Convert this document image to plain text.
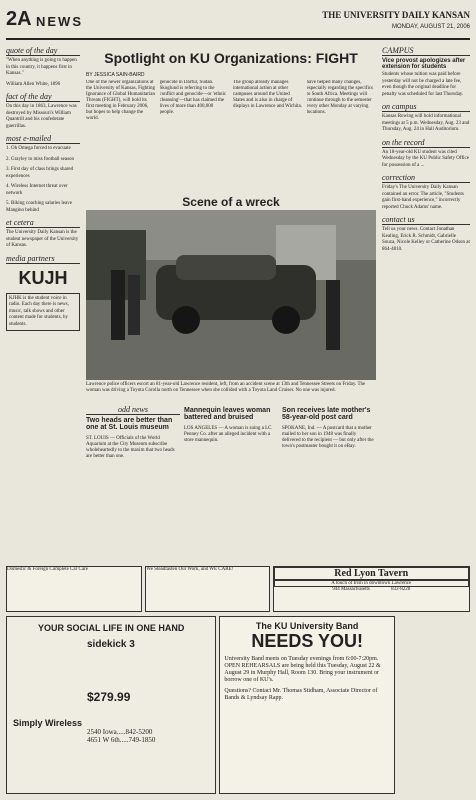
2A NEWS	THE UNIVERSITY DAILY KANSAN
MONDAY, AUGUST 21, 2006
quote of the day

"When anything is going to happen in this country, it happens first in Kansas."

William Allen White, 1896

fact of the day

On this day in 1863, Lawrence was destroyed by Missouri's William Quantrill and his confederate guerrillas.

most e-mailed

1. Oh Omega forced to evacuate

2. Grayley to miss football season

3. First day of class brings shared experiences

4. Wireless Internet threat over network

5. Biking coaching salaries leave Mangino behind

et cetera

The University Daily Kansan is the student newspaper of the University of Kansas.

media partners
KUJH
KJHK is the student voice in radio. Each day there is news, music, talk shows and other content made for students, by students.
Spotlight on KU Organizations: FIGHT
BY JESSICA SAIN-BAIRD
One of the newer organizations at the University of Kansas, Fighting Ignorance of Global Humanitarian Threats (FIGHT), will hold its first meeting in February 2006, but hopes to help change the world.
genocide in Darfur, Sudan. Skoglund is referring to the conflict and genocide—or 'ethnic cleansing'—that has claimed the lives of more than 400,000 people.
The group already manages international action at other campuses around the United States and is also in charge of displays in Lawrence and Wichita.
have helped many changes, especially regarding the specifics to South Africa. Meetings will continue through to the semester every other Monday at varying locations.
Scene of a wreck
Lawrence police officers escort an 81-year-old Lawrence resident, left, from an accident scene at 13th and Tennessee Streets on Friday. The woman was driving a Toyota Corolla north on Tennessee when she collided with a Toyota Land Cruiser. No one was injured.
odd news
Two heads are better than one at St. Louis museum

ST. LOUIS — Officials of the World Aquarium at the City Museum subscribe wholeheartedly to the maxim that two heads are better than one.

Mannequin leaves woman battered and bruised

LOS ANGELES — A woman is suing a LC Penney Co. after an alleged incident with a store mannequin.

Son receives late mother's 58-year-old post card

SPOKANE, Ind. — A postcard that a mother mailed to her son in 1948 was finally delivered to the recipient — but only after the town's postmaster bought it on eBay.

CAMPUS
Vice provost apologizes after extension for students

Students whose tuition was paid before yesterday will not be charged a late fee, even though the original deadline for penalty was scheduled for last Thursday.

on campus

Kansas Rowing will hold informational meetings at 5 p.m. Wednesday, Aug. 23 and Thursday, Aug. 24 in Hall Auditorium.

on the record

An 18-year-old KU student was cited Wednesday by the KU Public Safety Office for possession of a ...

correction

Friday's The University Daily Kansan contained an error. The article, "Students gain first-hand experience," incorrectly reported Chuck Adams' name.

contact us

Tell us your news. Contact Jonathan Kealing, Erick R. Schmidt, Gabrielle Souza, Nicole Kelley or Catherine Odson at 864-4810.

Domestic & Foreign Complete Car Care	We Steadfasten Our Work, and WE CARE!	Red Lyon Tavern
A touch of Irish in downtown Lawrence
944 Massachusetts	832-8228
YOUR SOCIAL LIFE IN ONE HAND
sidekick 3
$279.99
Simply Wireless
2540 Iowa.....842-5200
4651 W 6th.....749-1850
The KU University Band
NEEDS YOU!
University Band meets on Tuesday evenings from 6:00-7:20pm. OPEN REHEARSALS are being held this Tuesday, August 22 & August 29 in Murphy Hall, Room 130. Bring your instrument or borrow one of KU's.
Questions? Contact Mr. Thomas Stidham, Associate Director of Bands & Lyndsay Rapp.
